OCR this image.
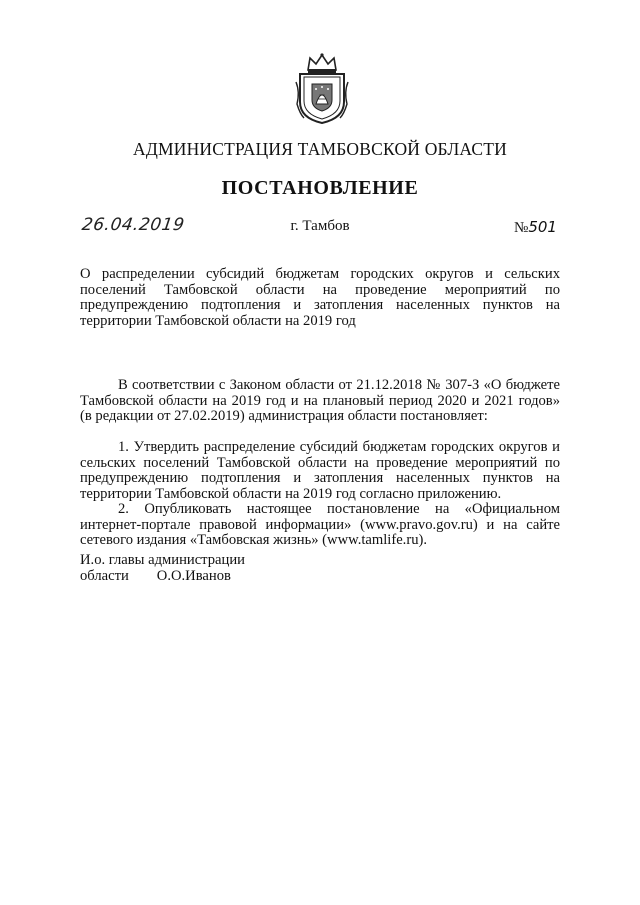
АДМИНИСТРАЦИЯ ТАМБОВСКОЙ ОБЛАСТИ
ПОСТАНОВЛЕНИЕ
26.04.2019	г. Тамбов	№501
О распределении субсидий бюджетам городских округов и сельских
поселений Тамбовской области на проведение мероприятий по
предупреждению подтопления и затопления населенных пунктов на
территории Тамбовской области на 2019 год
В соответствии с Законом области от 21.12.2018 № 307-З «О бюджете
Тамбовской области на 2019 год и на плановый период 2020 и 2021 годов»
(в редакции от 27.02.2019) администрация области постановляет:
1. Утвердить распределение субсидий бюджетам городских округов и
сельских поселений Тамбовской области на проведение мероприятий по
предупреждению подтопления и затопления населенных пунктов на
территории Тамбовской области на 2019 год согласно приложению.
2. Опубликовать настоящее постановление на «Официальном
интернет-портале правовой информации» (www.pravo.gov.ru) и на сайте
сетевого издания «Тамбовская жизнь» (www.tamlife.ru).
И.о. главы администрации
области О.О.Иванов
